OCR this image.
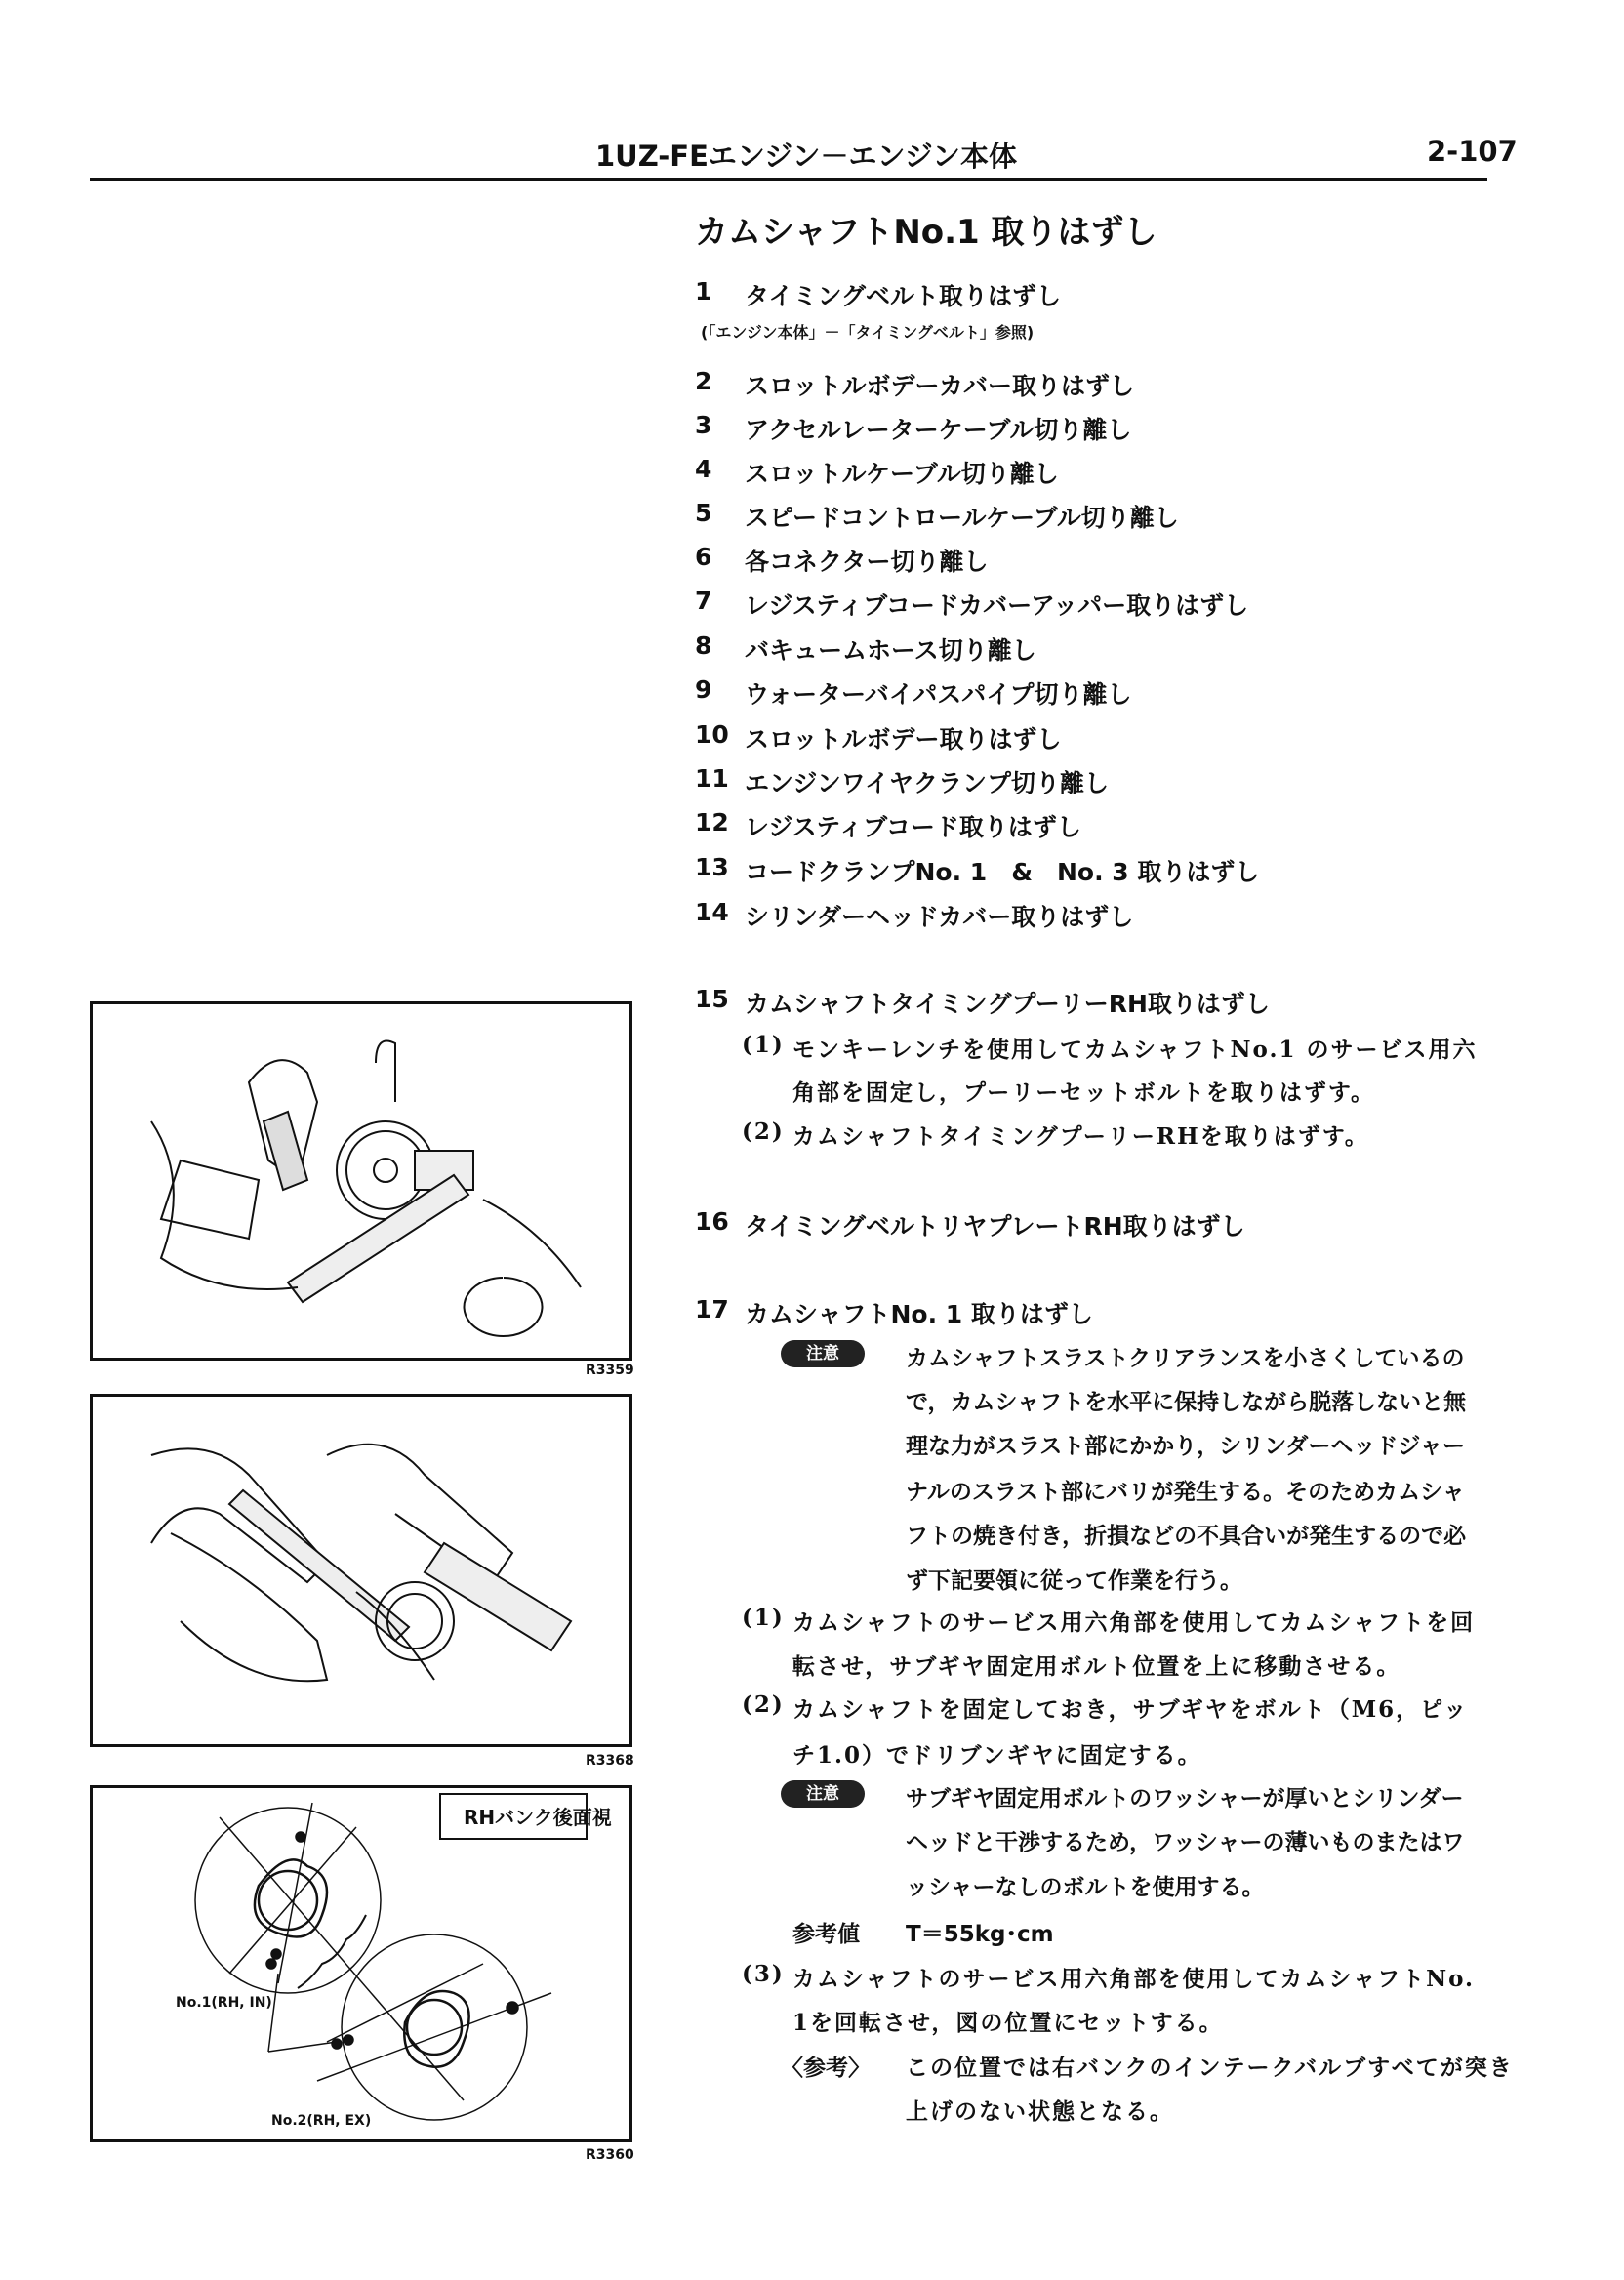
1UZ-FEエンジン－エンジン本体	2-107
カムシャフトNo.1 取りはずし
1	タイミングベルト取りはずし
(「エンジン本体」－「タイミングベルト」参照)
2	スロットルボデーカバー取りはずし
3	アクセルレーターケーブル切り離し
4	スロットルケーブル切り離し
5	スピードコントロールケーブル切り離し
6	各コネクター切り離し
7	レジスティブコードカバーアッパー取りはずし
8	バキュームホース切り離し
9	ウォーターバイパスパイプ切り離し
10 スロットルボデー取りはずし
11 エンジンワイヤクランプ切り離し
12 レジスティブコード取りはずし
13 コードクランプNo. 1　&　No. 3 取りはずし
14 シリンダーヘッドカバー取りはずし
15 カムシャフトタイミングプーリーRH取りはずし
(1) モンキーレンチを使用してカムシャフトNo.1 のサービス用六
角部を固定し，プーリーセットボルトを取りはずす。
(2) カムシャフトタイミングプーリーRHを取りはずす。
16 タイミングベルトリヤプレートRH取りはずし
17 カムシャフトNo. 1 取りはずし
注意	カムシャフトスラストクリアランスを小さくしているの
で，カムシャフトを水平に保持しながら脱落しないと無
理な力がスラスト部にかかり，シリンダーヘッドジャー
ナルのスラスト部にバリが発生する。そのためカムシャ
フトの焼き付き，折損などの不具合いが発生するので必
ず下記要領に従って作業を行う。
(1) カムシャフトのサービス用六角部を使用してカムシャフトを回
転させ，サブギヤ固定用ボルト位置を上に移動させる。
(2) カムシャフトを固定しておき，サブギヤをボルト（M6，ピッ
チ1.0）でドリブンギヤに固定する。
注意	サブギヤ固定用ボルトのワッシャーが厚いとシリンダー
ヘッドと干渉するため，ワッシャーの薄いものまたはワ
ッシャーなしのボルトを使用する。
参考値 T＝55kg･cm
(3) カムシャフトのサービス用六角部を使用してカムシャフトNo.
1を回転させ，図の位置にセットする。
〈参考〉 この位置では右バンクのインテークバルブすべてが突き
上げのない状態となる。
R3359
R3368
RHバンク後面視
No.1(RH, IN)
No.2(RH, EX)
R3360
